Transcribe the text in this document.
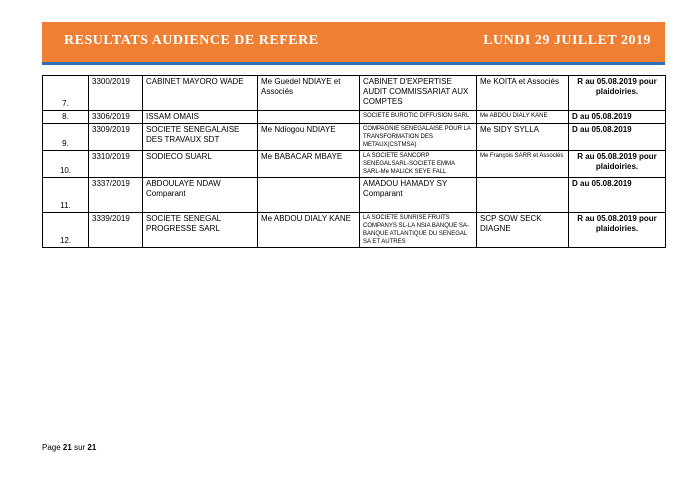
RESULTATS AUDIENCE DE REFERE	LUNDI 29 JUILLET 2019
7.	3300/2019	CABINET MAYORO WADE	Me Guedel NDIAYE et Associés	CABINET D'EXPERTISE AUDIT COMMISSARIAT AUX COMPTES	Me KOITA et Associés	R au 05.08.2019 pour plaidoiries.
8.	3306/2019	ISSAM OMAIS		SOCIETE BUROTIC DIFFUSION SARL	Me ABDOU DIALY KANE	D au 05.08.2019
9.	3309/2019	SOCIETE SENEGALAISE DES TRAVAUX SDT	Me Ndiogou NDIAYE	COMPAGNIE SENEGALAISE POUR LA TRANSFORMATION DES METAUX(CSTMSA)	Me SIDY SYLLA	D au 05.08.2019
10.	3310/2019	SODIECO SUARL	Me BABACAR MBAYE	LA SOCIETE SANCORP SENEGALSARL-SOCIETE EMMA SARL-Me MALICK SEYE FALL	Me François SARR et Associés	R au 05.08.2019 pour plaidoiries.
11.	3337/2019	ABDOULAYE NDAW Comparant		AMADOU HAMADY SY Comparant		D au 05.08.2019
12.	3339/2019	SOCIETE SENEGAL PROGRESSE SARL	Me ABDOU DIALY KANE	LA SOCIETE SUNRISE FRUITS COMPANYS SL-LA NSIA BANQUE SA-BANQUE ATLANTIQUE DU SENEGAL SA ET AUTRES	SCP SOW SECK DIAGNE	R au 05.08.2019 pour plaidoiries.
Page 21 sur 21
